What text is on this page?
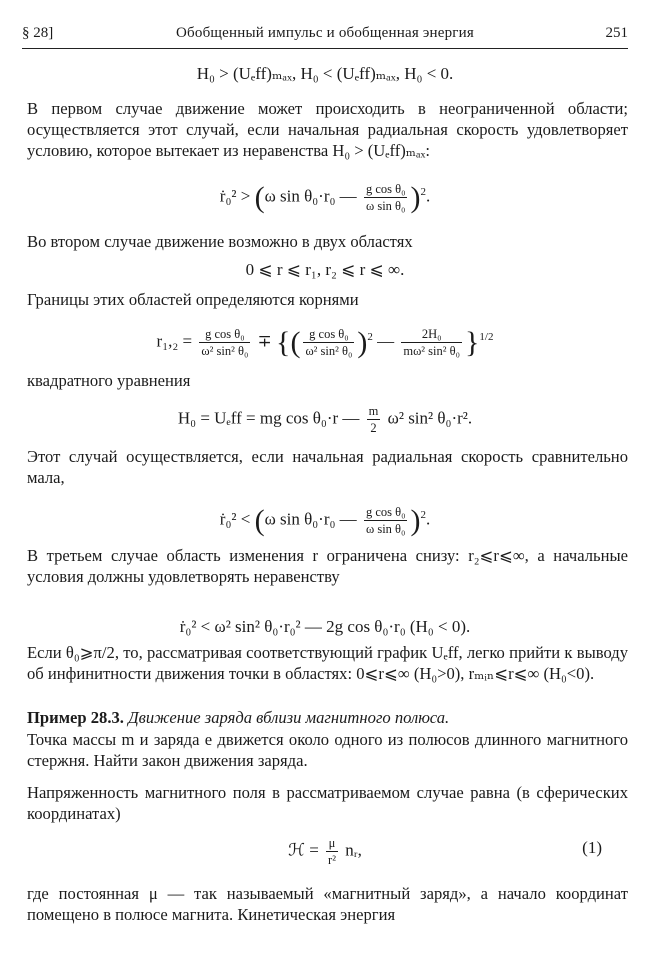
§ 28]	Обобщенный импульс и обобщенная энергия	251
H₀ > (Uₑff)ₘₐₓ, H₀ < (Uₑff)ₘₐₓ, H₀ < 0.
В первом случае движение может происходить в неограниченной области; осуществляется этот случай, если начальная радиальная скорость удовлетворяет условию, которое вытекает из неравенства H₀ > (Uₑff)ₘₐₓ:
ṙ₀² > (ω sin θ₀·r₀ — $\frac{\text{g cos θ₀}}{\text{ω sin θ₀}} )^2$.
Во втором случае движение возможно в двух областях
0 ⩽ r ⩽ r₁, r₂ ⩽ r ⩽ ∞.
Границы этих областей определяются корнями
$r_1,_2 = \frac{\text{g cos θ₀}}{\text{ω² sin² θ₀}}$ ∓ {( $\frac{\text{g cos θ₀}}{\text{ω² sin² θ₀}} )^2$ — $\frac{\text{2H₀}}{\text{mω² sin² θ₀}} \}^{1/2}$
квадратного уравнения
H₀ = Uₑff = mg cos θ₀·r — $\frac{m}{2} \omega^2$ sin² θ₀·r².
Этот случай осуществляется, если начальная радиальная скорость сравнительно мала,
ṙ₀² < (ω sin θ₀·r₀ — $\frac{\text{g cos θ₀}}{\text{ω sin θ₀}} )^2$.
В третьем случае область изменения r ограничена снизу: r₂⩽r⩽∞, а начальные условия должны удовлетворять неравенству
ṙ₀² < ω² sin² θ₀·r₀² — 2g cos θ₀·r₀ (H₀ < 0).
Если θ₀⩾π/2, то, рассматривая соответствующий график Uₑff, легко прийти к выводу об инфинитности движения точки в областях: 0⩽r⩽∞ (H₀>0), rₘᵢₙ⩽r⩽∞ (H₀<0).
Пример 28.3. Движение заряда вблизи магнитного полюса.
Точка массы m и заряда e движется около одного из полюсов длинного магнитного стержня. Найти закон движения заряда.
Напряженность магнитного поля в рассматриваемом случае равна (в сферических координатах)
ℋ = $\frac{\mu}{\text{r²}}$ nᵣ,	(1)
где постоянная μ — так называемый «магнитный заряд», а начало координат помещено в полюсе магнита. Кинетическая энергия
